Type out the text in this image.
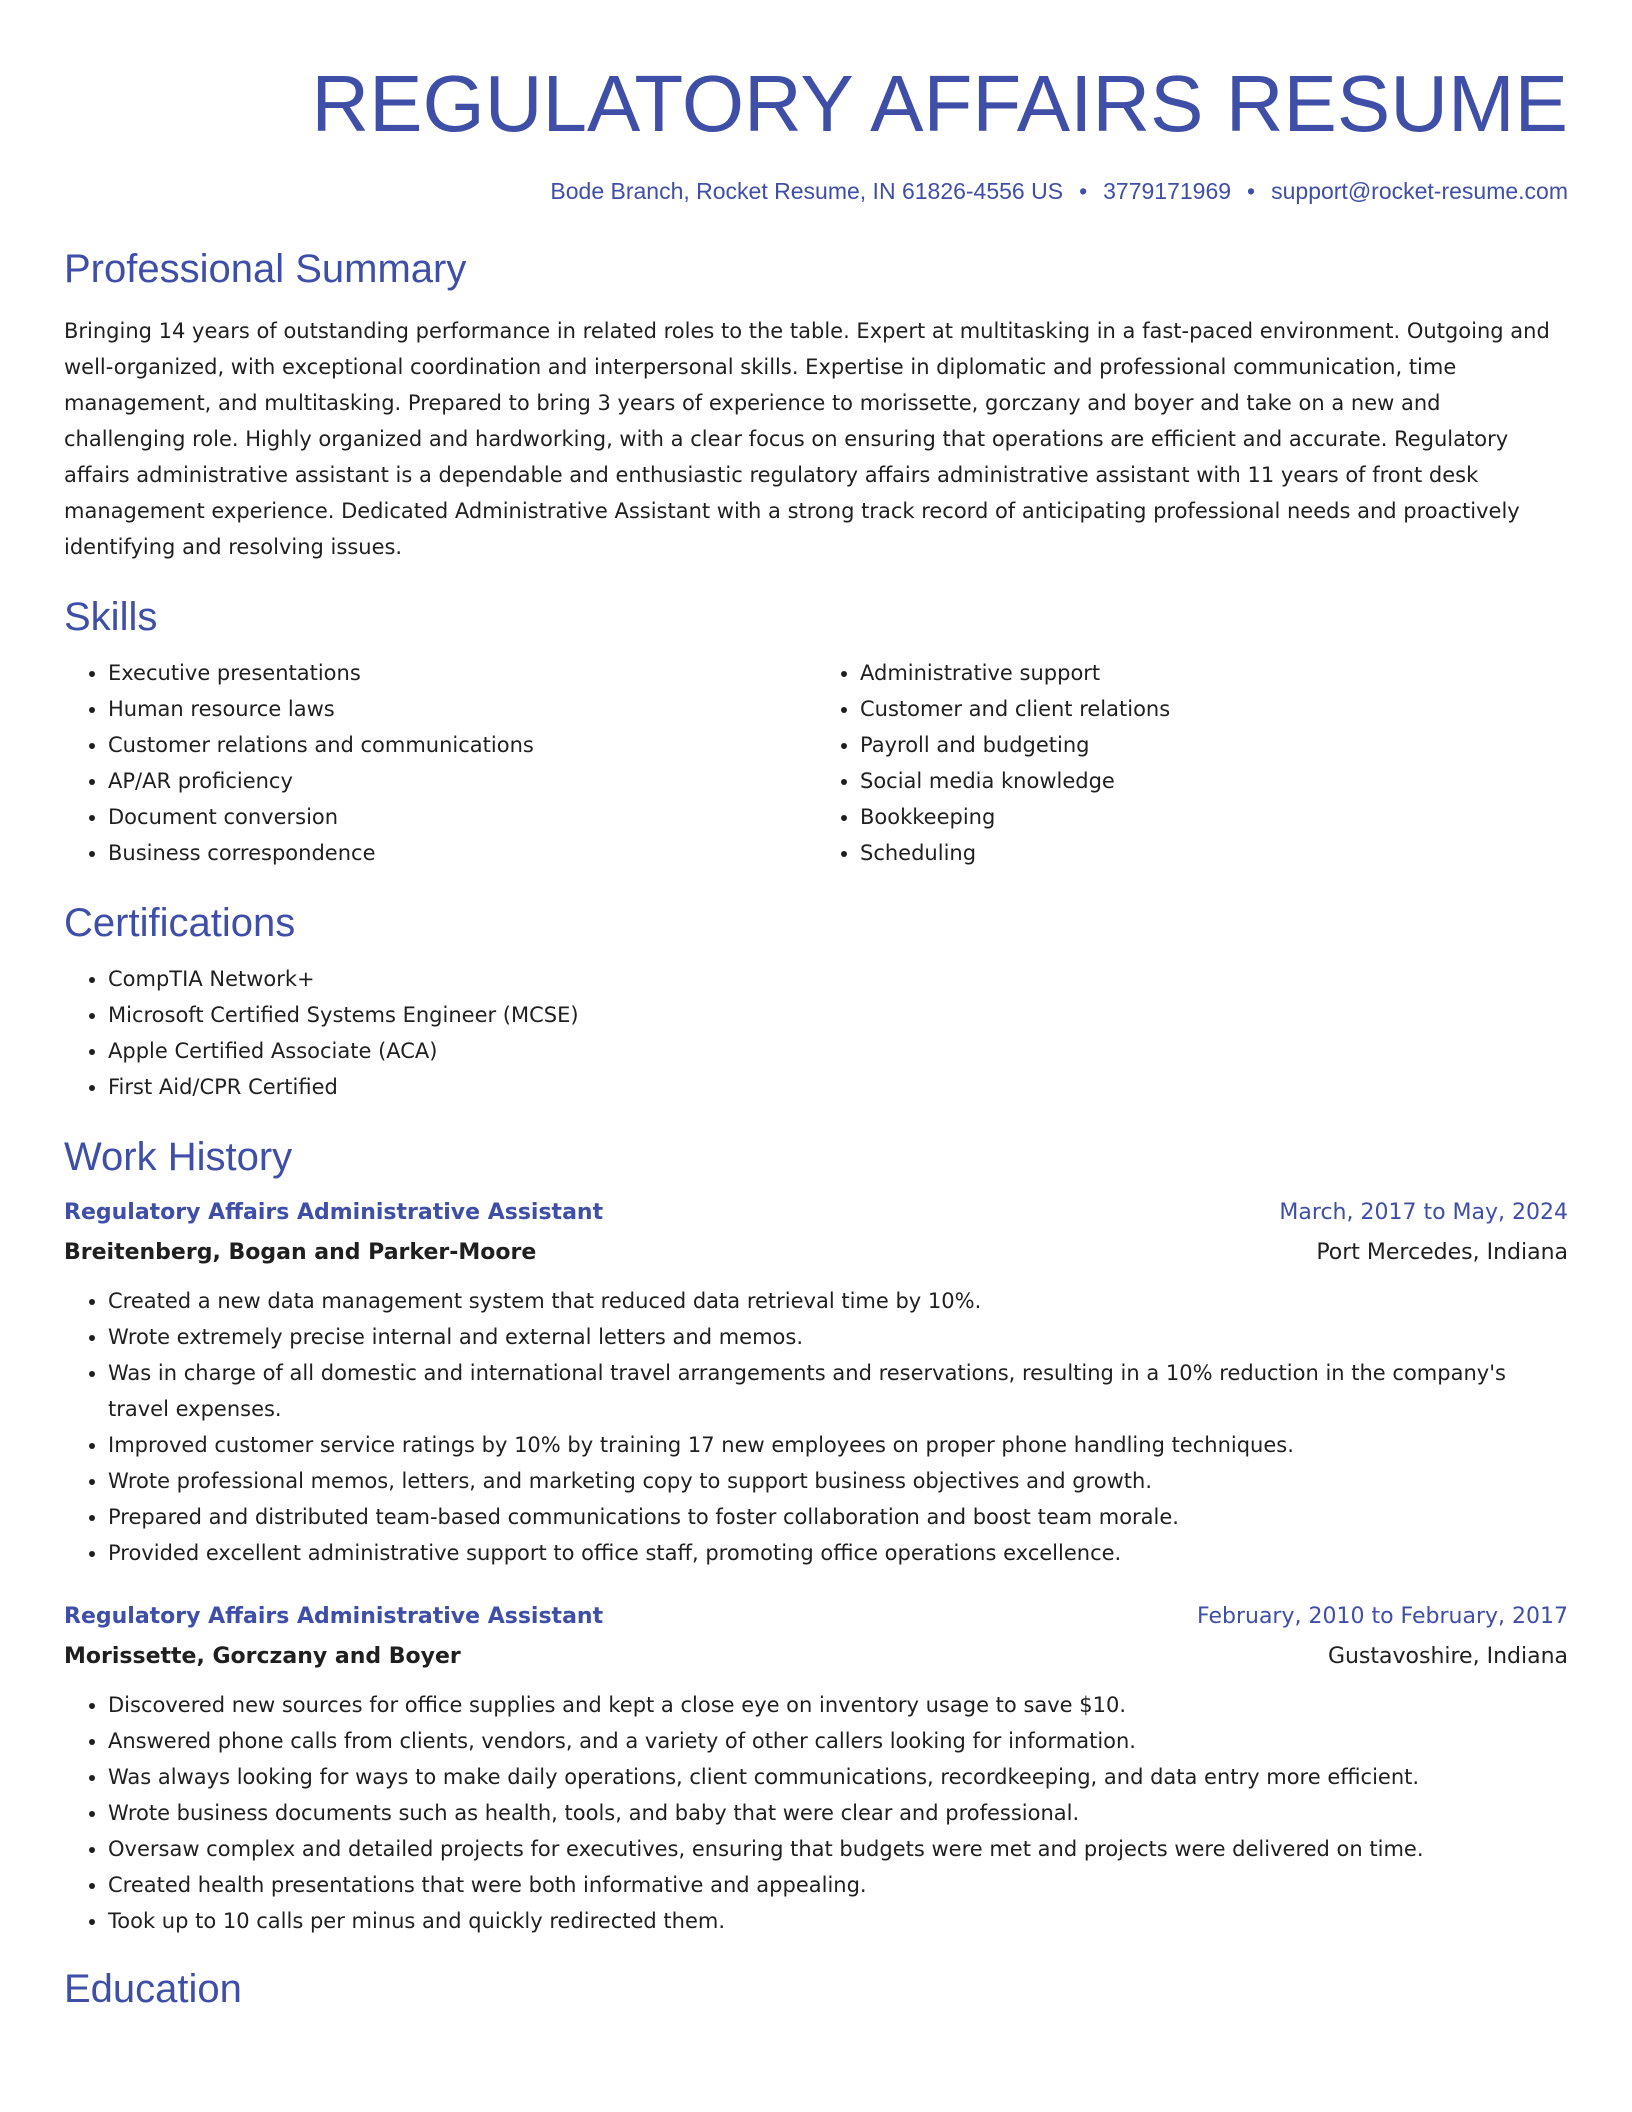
REGULATORY AFFAIRS RESUME
Bode Branch, Rocket Resume, IN 61826-4556 US • 3779171969 • support@rocket-resume.com
Professional Summary

Bringing 14 years of outstanding performance in related roles to the table. Expert at multitasking in a fast-paced environment. Outgoing and well-organized, with exceptional coordination and interpersonal skills. Expertise in diplomatic and professional communication, time management, and multitasking. Prepared to bring 3 years of experience to morissette, gorczany and boyer and take on a new and challenging role. Highly organized and hardworking, with a clear focus on ensuring that operations are efficient and accurate. Regulatory affairs administrative assistant is a dependable and enthusiastic regulatory affairs administrative assistant with 11 years of front desk management experience. Dedicated Administrative Assistant with a strong track record of anticipating professional needs and proactively identifying and resolving issues.

Skills
• Executive presentations
• Human resource laws
• Customer relations and communications
• AP/AR proficiency
• Document conversion
• Business correspondence
• Administrative support
• Customer and client relations
• Payroll and budgeting
• Social media knowledge
• Bookkeeping
• Scheduling
Certifications
• CompTIA Network+
• Microsoft Certified Systems Engineer (MCSE)
• Apple Certified Associate (ACA)
• First Aid/CPR Certified
Work History
Regulatory Affairs Administrative Assistant	March, 2017 to May, 2024
Breitenberg, Bogan and Parker-Moore	Port Mercedes, Indiana
• Created a new data management system that reduced data retrieval time by 10%.
• Wrote extremely precise internal and external letters and memos.
• Was in charge of all domestic and international travel arrangements and reservations, resulting in a 10% reduction in the company's travel expenses.
• Improved customer service ratings by 10% by training 17 new employees on proper phone handling techniques.
• Wrote professional memos, letters, and marketing copy to support business objectives and growth.
• Prepared and distributed team-based communications to foster collaboration and boost team morale.
• Provided excellent administrative support to office staff, promoting office operations excellence.
Regulatory Affairs Administrative Assistant	February, 2010 to February, 2017
Morissette, Gorczany and Boyer	Gustavoshire, Indiana
• Discovered new sources for office supplies and kept a close eye on inventory usage to save $10.
• Answered phone calls from clients, vendors, and a variety of other callers looking for information.
• Was always looking for ways to make daily operations, client communications, recordkeeping, and data entry more efficient.
• Wrote business documents such as health, tools, and baby that were clear and professional.
• Oversaw complex and detailed projects for executives, ensuring that budgets were met and projects were delivered on time.
• Created health presentations that were both informative and appealing.
• Took up to 10 calls per minus and quickly redirected them.
Education
